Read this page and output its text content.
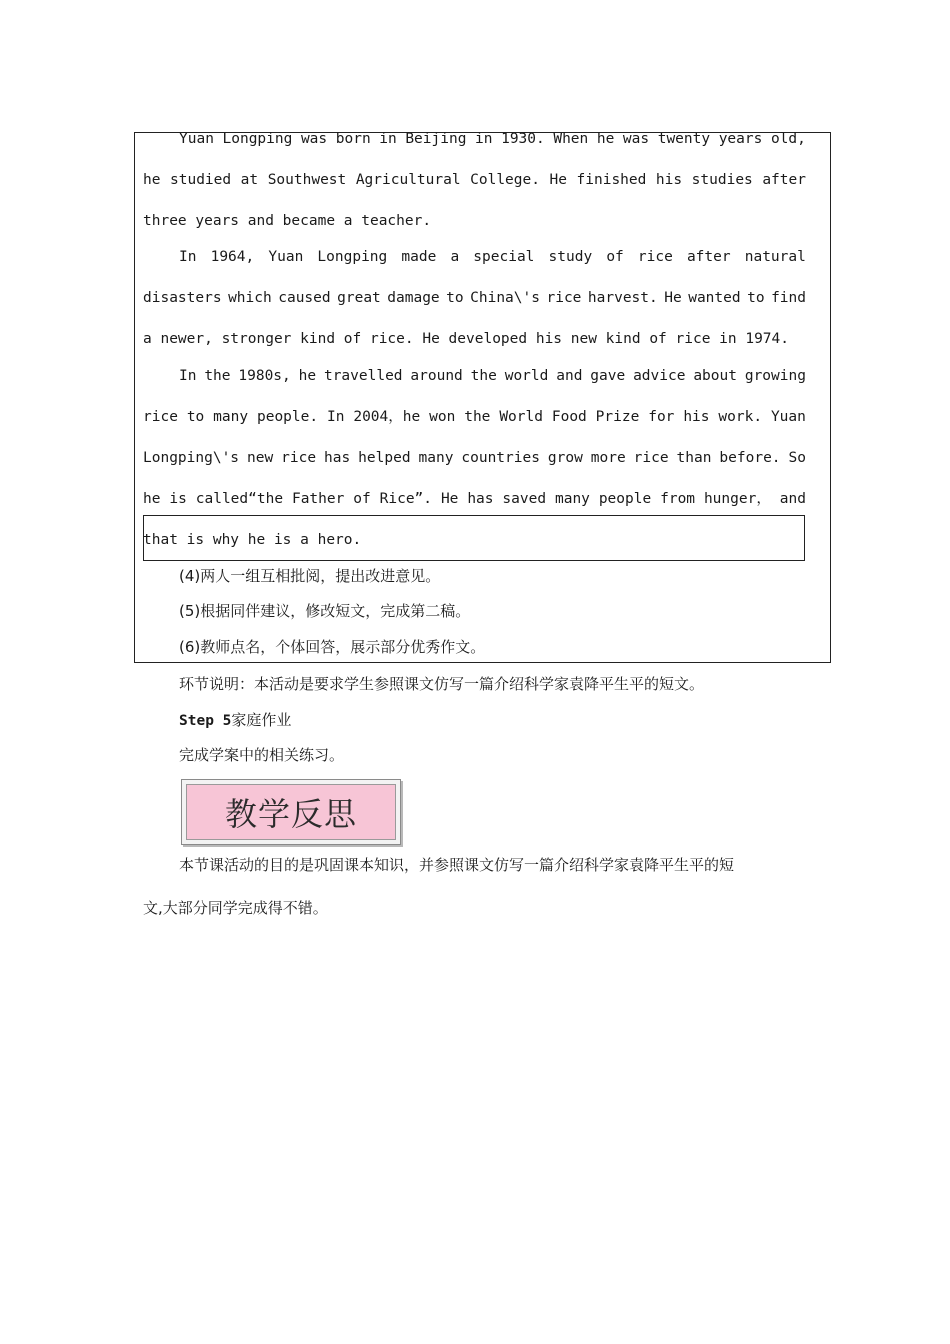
Yuan Longping was born in Beijing in 1930. When he was twenty years old,
he studied at Southwest Agricultural College. He finished his studies after
three years and became a teacher.
In 1964, Yuan Longping made a special study of rice after natural
disasters which caused great damage to China\'s rice harvest. He wanted to find
a newer, stronger kind of rice. He developed his new kind of rice in 1974.
In the 1980s, he travelled around the world and gave advice about growing
rice to many people. In 2004，he won the World Food Prize for his work. Yuan
Longping\'s new rice has helped many countries grow more rice than before. So
he is called“the Father of Rice”. He has saved many people from hunger， and
that is why he is a hero.
(4)两人一组互相批阅，提出改进意见。
(5)根据同伴建议，修改短文，完成第二稿。
(6)教师点名，个体回答，展示部分优秀作文。
环节说明：本活动是要求学生参照课文仿写一篇介绍科学家袁降平生平的短文。
Step 5家庭作业
完成学案中的相关练习。
教学反思
本节课活动的目的是巩固课本知识，并参照课文仿写一篇介绍科学家袁降平生平的短
文,大部分同学完成得不错。
